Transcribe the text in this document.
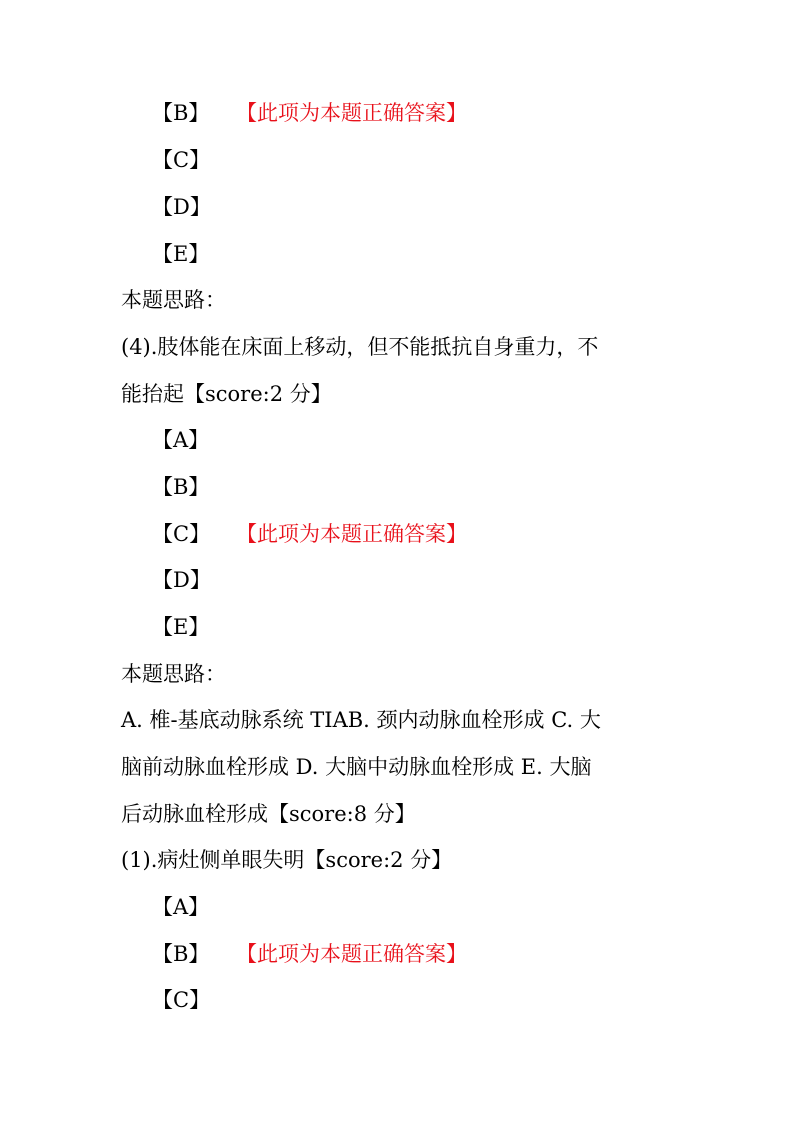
【B】 【此项为本题正确答案】
【C】
【D】
【E】
本题思路：
(4).肢体能在床面上移动，但不能抵抗自身重力，不
能抬起【score:2 分】
【A】
【B】
【C】 【此项为本题正确答案】
【D】
【E】
本题思路：
A. 椎-基底动脉系统 TIAB. 颈内动脉血栓形成 C. 大
脑前动脉血栓形成 D. 大脑中动脉血栓形成 E. 大脑
后动脉血栓形成【score:8 分】
(1).病灶侧单眼失明【score:2 分】
【A】
【B】 【此项为本题正确答案】
【C】
